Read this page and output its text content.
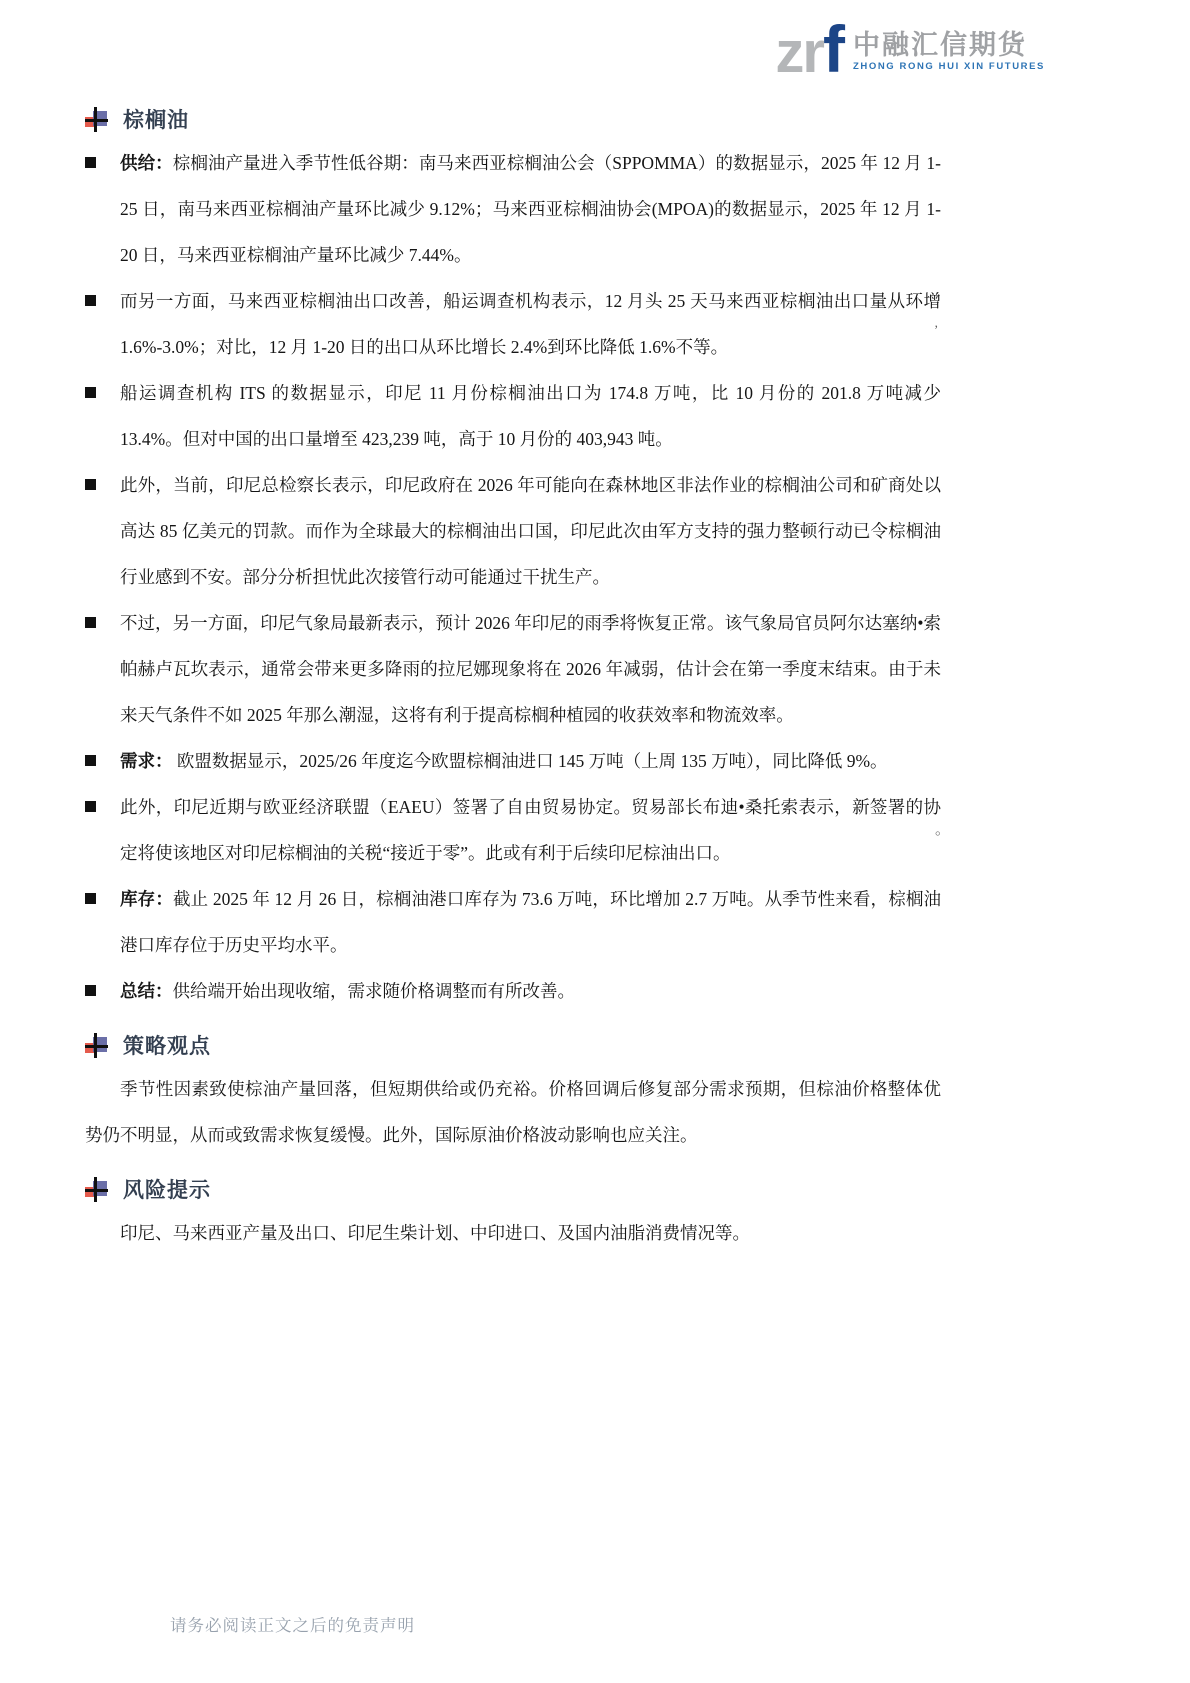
zrf 中融汇信期货
ZHONG RONG HUI XIN FUTURES
棕榈油
供给：棕榈油产量进入季节性低谷期：南马来西亚棕榈油公会（SPPOMMA）的数据显示，2025 年 12 月 1-25 日，南马来西亚棕榈油产量环比减少 9.12%；马来西亚棕榈油协会(MPOA)的数据显示，2025 年 12 月 1-20 日，马来西亚棕榈油产量环比减少 7.44%。
而另一方面，马来西亚棕榈油出口改善，船运调查机构表示，12 月头 25 天马来西亚棕榈油出口量从环增 1.6%-3.0%；对比，12 月 1-20 日的出口从环比增长 2.4%到环比降低 1.6%不等。
船运调查机构 ITS 的数据显示，印尼 11 月份棕榈油出口为 174.8 万吨，比 10 月份的 201.8 万吨减少 13.4%。但对中国的出口量增至 423,239 吨，高于 10 月份的 403,943 吨。
此外，当前，印尼总检察长表示，印尼政府在 2026 年可能向在森林地区非法作业的棕榈油公司和矿商处以高达 85 亿美元的罚款。而作为全球最大的棕榈油出口国，印尼此次由军方支持的强力整顿行动已令棕榈油行业感到不安。部分分析担忧此次接管行动可能通过干扰生产。
不过，另一方面，印尼气象局最新表示，预计 2026 年印尼的雨季将恢复正常。该气象局官员阿尔达塞纳•索帕赫卢瓦坎表示，通常会带来更多降雨的拉尼娜现象将在 2026 年减弱，估计会在第一季度末结束。由于未来天气条件不如 2025 年那么潮湿，这将有利于提高棕榈种植园的收获效率和物流效率。
需求： 欧盟数据显示，2025/26 年度迄今欧盟棕榈油进口 145 万吨（上周 135 万吨），同比降低 9%。
此外，印尼近期与欧亚经济联盟（EAEU）签署了自由贸易协定。贸易部长布迪•桑托索表示，新签署的协定将使该地区对印尼棕榈油的关税“接近于零”。此或有利于后续印尼棕油出口。
库存：截止 2025 年 12 月 26 日，棕榈油港口库存为 73.6 万吨，环比增加 2.7 万吨。从季节性来看，棕榈油港口库存位于历史平均水平。
总结：供给端开始出现收缩，需求随价格调整而有所改善。
策略观点

季节性因素致使棕油产量回落，但短期供给或仍充裕。价格回调后修复部分需求预期，但棕油价格整体优势仍不明显，从而或致需求恢复缓慢。此外，国际原油价格波动影响也应关注。

风险提示

印尼、马来西亚产量及出口、印尼生柴计划、中印进口、及国内油脂消费情况等。

’
。
请务必阅读正文之后的免责声明
